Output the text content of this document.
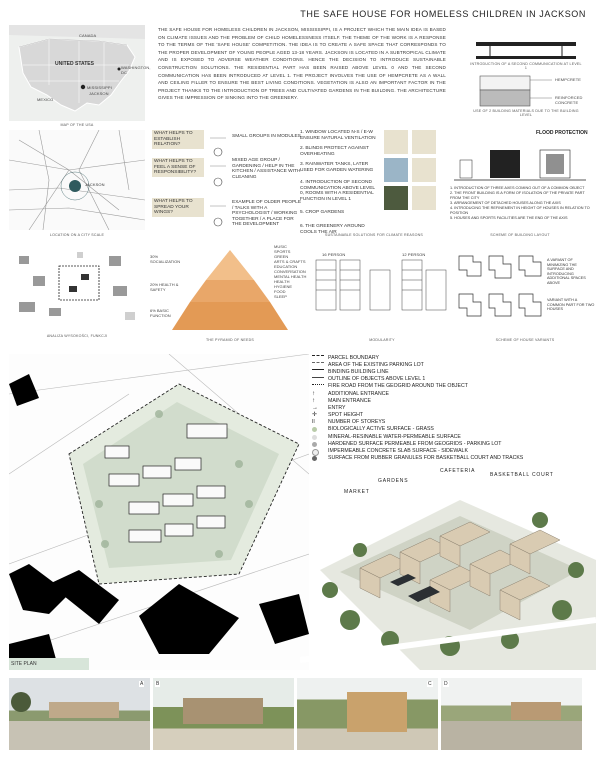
THE SAFE HOUSE FOR HOMELESS CHILDREN IN JACKSON
CANADA
UNITED STATES
MEXICO
MISSISSIPPI
WASHINGTON, DC
JACKSON
MAP OF THE USA
THE SAFE HOUSE FOR HOMELESS CHILDREN IN JACKSON, MISSISSIPPI, IS A PROJECT WHICH THE MAIN IDEA IS BASED ON CLIMATE ISSUES AND THE PROBLEM OF CHILD HOMELESSNESS ITSELF. THE THEME OF THE WORK IS A RESPONSE TO THE TERMS OF THE 'SAFE HOUSE' COMPETITION. THE IDEA IS TO CREATE A SAFE SPACE THAT CORRESPONDS TO THE PROPER DEVELOPMENT OF YOUNG PEOPLE AGED 13-18 YEARS. JACKSON IS LOCATED IN A SUBTROPICAL CLIMATE AND IS EXPOSED TO ADVERSE WEATHER CONDITIONS. HENCE THE DECISION TO INTRODUCE SUSTAINABLE CONSTRUCTION SOLUTIONS. THE RESIDENTIAL PART HAS BEEN RAISED ABOVE LEVEL 0 AND THE SECOND COMMUNICATION HAS BEEN INTRODUCED AT LEVEL 1. THE PROJECT INVOLVES THE USE OF HEMPCRETE AS A WALL AND CEILING FILLER TO ENSURE THE BEST LIVING CONDITIONS. VEGETATION IS ALSO AN IMPORTANT FACTOR IN THE PROJECT THANKS TO THE INTRODUCTION OF TREES AND CULTIVATED GARDENS IN THE BUILDING. THE ARCHITECTURE GIVES THE IMPRESSION OF SINKING INTO THE GREENERY.
INTRODUCTION OF A SECOND COMMUNICATION AT LEVEL 1
HEMPCRETE
REINFORCED CONCRETE
USE OF 2 BUILDING MATERIALS DUE TO THE BUILDING LEVEL
JACKSON
LOCATION ON A CITY SCALE
WHAT HELPS TO ESTABLISH RELATION?
SMALL GROUPS IN MODULES
WHAT HELPS TO FEEL A SENSE OF RESPONSIBILITY?
MIXED AGE GROUP / GARDENING / HELP IN THE KITCHEN / ASSISTANCE WITH CLEANING
WHAT HELPS TO SPREAD YOUR WINGS?
EXAMPLE OF OLDER PEOPLE / TALKS WITH A PSYCHOLOGIST / WORKING TOGETHER / A PLACE FOR THE DEVELOPMENT
1. WINDOW LOCATED N-S / E-W ENSURE NATURAL VENTILATION
2. BLINDS PROTECT AGAINST OVERHEATING
3. RAINWATER TANKS, LATER USED FOR GARDEN WATERING
4. INTRODUCTION OF SECOND COMMUNICATION ABOVE LEVEL 0, ROOMS WITH A RESIDENTIAL FUNCTION IN LEVEL 1
5. CROP GARDENS
6. THE GREENERY AROUND COOLS THE AIR
SUSTAINABLE SOLUTIONS FOR CLIMATE REASONS
FLOOD PROTECTION
1. INTRODUCTION OF THREE AXES COMING OUT OF A COMMON OBJECT
2. THE FRONT BUILDING IS A FORM OF ISOLATION OF THE PRIVATE PART FROM THE CITY
3. ARRANGEMENT OF DETACHED HOUSES ALONG THE AXIS
4. INTRODUCING THE REFINEMENT IN HEIGHT OF HOUSES IN RELATION TO POSITION
5. HOUSES AND SPORTS FACILITIES ARE THE END OF THE AXIS
SCHEME OF BUILDING LAYOUT
ANALIZA WYSOKOŚCI, FUNKCJI
30% SOCIALIZATION
20% HEALTH & SAFETY
6% BASIC FUNCTION
MUSIC
SPORTS
GREEN
ARTS & CRAFTS
EDUCATION
CONVERSATION
MENTAL HEALTH
HEALTH
HYGIENE
FOOD
SLEEP
THE PYRAMID OF NEEDS
16 PERSON	12 PERSON
MODULARITY
A VARIANT OF MINIMIZING THE SURFACE AND INTRODUCING ADDITIONAL SPACES ABOVE
VARIANT WITH A COMMON PART FOR TWO HOUSES
SCHEME OF HOUSE VARIANTS
SITE PLAN
PARCEL BOUNDARY
AREA OF THE EXISTING PARKING LOT
BINDING BUILDING LINE
OUTLINE OF OBJECTS ABOVE LEVEL 1
FIRE ROAD FROM THE GEOGRID AROUND THE OBJECT
↑	ADDITIONAL ENTRANCE
↑	MAIN ENTRANCE
→	ENTRY
✛	SPOT HEIGHT
II	NUMBER OF STOREYS
BIOLOGICALLY ACTIVE SURFACE - GRASS
MINERAL-RESINABLE WATER-PERMEABLE SURFACE
HARDENED SURFACE PERMEABLE FROM GEOGRIDS - PARKING LOT
IMPERMEABLE CONCRETE SLAB SURFACE - SIDEWALK
SURFACE FROM RUBBER GRANULES FOR BASKETBALL COURT AND TRACKS
CAFETERIA
GARDENS
MARKET
BASKETBALL COURT
A	B	C D
